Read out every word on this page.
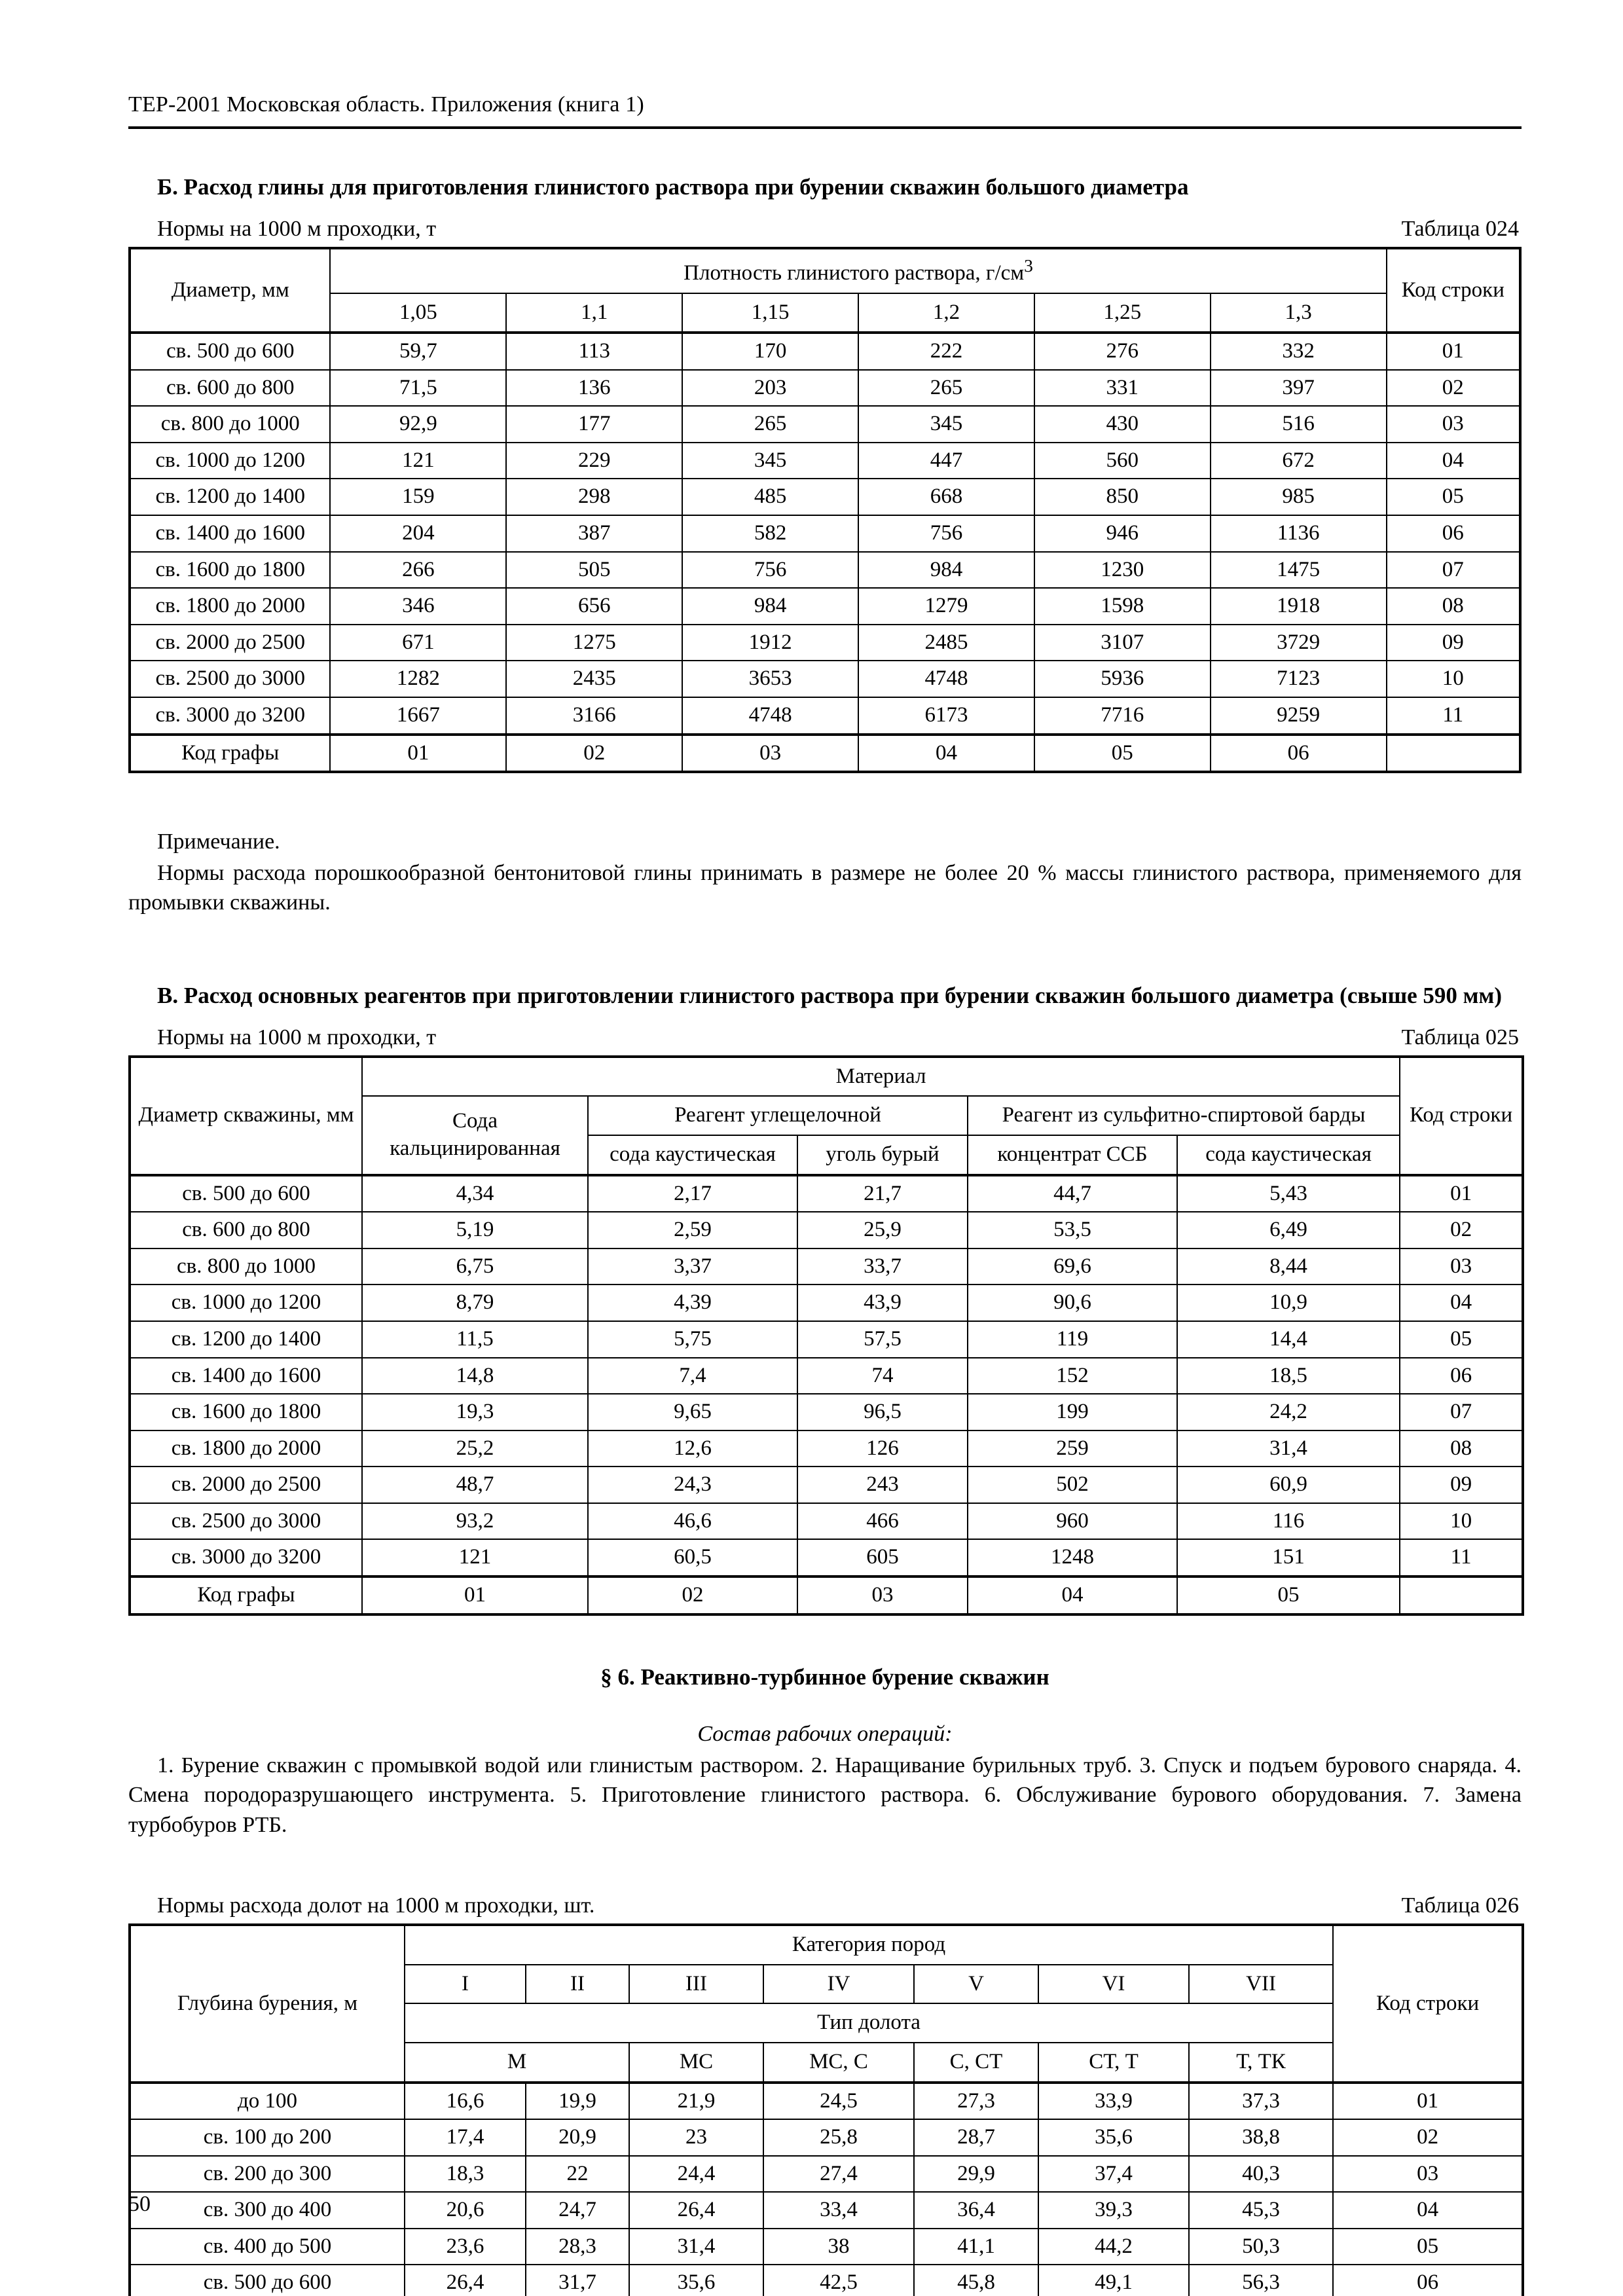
ТЕР-2001 Московская область. Приложения (книга 1)
Б. Расход глины для приготовления глинистого раствора при бурении скважин большого диаметра
Нормы на 1000 м проходки, т	Таблица 024
Диаметр, мм	Плотность глинистого раствора, $г/см^3$						Код строки
	1,05	1,1	1,15	1,2	1,25	1,3	
св. 500 до 600	59,7	113	170	222	276	332	01
св. 600 до 800	71,5	136	203	265	331	397	02
св. 800 до 1000	92,9	177	265	345	430	516	03
св. 1000 до 1200	121	229	345	447	560	672	04
св. 1200 до 1400	159	298	485	668	850	985	05
св. 1400 до 1600	204	387	582	756	946	1136	06
св. 1600 до 1800	266	505	756	984	1230	1475	07
св. 1800 до 2000	346	656	984	1279	1598	1918	08
св. 2000 до 2500	671	1275	1912	2485	3107	3729	09
св. 2500 до 3000	1282	2435	3653	4748	5936	7123	10
св. 3000 до 3200	1667	3166	4748	6173	7716	9259	11
Код графы	01	02	03	04	05	06	
Примечание.
Нормы расхода порошкообразной бентонитовой глины принимать в размере не более 20 % массы глинистого раствора, применяемого для промывки скважины.
В. Расход основных реагентов при приготовлении глинистого раствора при бурении скважин большого диаметра (свыше 590 мм)
Нормы на 1000 м проходки, т	Таблица 025
Диаметр скважины, мм	Материал					Код строки
	Сода кальцинированная	Реагент углещелочной		Реагент из сульфитно-спиртовой барды		
		сода каустическая	уголь бурый	концентрат ССБ	сода каустическая	
св. 500 до 600	4,34	2,17	21,7	44,7	5,43	01
св. 600 до 800	5,19	2,59	25,9	53,5	6,49	02
св. 800 до 1000	6,75	3,37	33,7	69,6	8,44	03
св. 1000 до 1200	8,79	4,39	43,9	90,6	10,9	04
св. 1200 до 1400	11,5	5,75	57,5	119	14,4	05
св. 1400 до 1600	14,8	7,4	74	152	18,5	06
св. 1600 до 1800	19,3	9,65	96,5	199	24,2	07
св. 1800 до 2000	25,2	12,6	126	259	31,4	08
св. 2000 до 2500	48,7	24,3	243	502	60,9	09
св. 2500 до 3000	93,2	46,6	466	960	116	10
св. 3000 до 3200	121	60,5	605	1248	151	11
Код графы	01	02	03	04	05	
§ 6. Реактивно-турбинное бурение скважин
Состав рабочих операций:
1. Бурение скважин с промывкой водой или глинистым раствором. 2. Наращивание бурильных труб. 3. Спуск и подъем бурового снаряда. 4. Смена породоразрушающего инструмента. 5. Приготовление глинистого раствора. 6. Обслуживание бурового оборудования. 7. Замена турбобуров РТБ.
Нормы расхода долот на 1000 м проходки, шт.	Таблица 026
Глубина бурения, м	Категория пород							Код строки
	I	II	III	IV	V	VI	VII	
	Тип долота							
	М		МС	МС, С	С, СТ	СТ, Т	Т, ТК	
до 100	16,6	19,9	21,9	24,5	27,3	33,9	37,3	01
св. 100 до 200	17,4	20,9	23	25,8	28,7	35,6	38,8	02
св. 200 до 300	18,3	22	24,4	27,4	29,9	37,4	40,3	03
св. 300 до 400	20,6	24,7	26,4	33,4	36,4	39,3	45,3	04
св. 400 до 500	23,6	28,3	31,4	38	41,1	44,2	50,3	05
св. 500 до 600	26,4	31,7	35,6	42,5	45,8	49,1	56,3	06
50
